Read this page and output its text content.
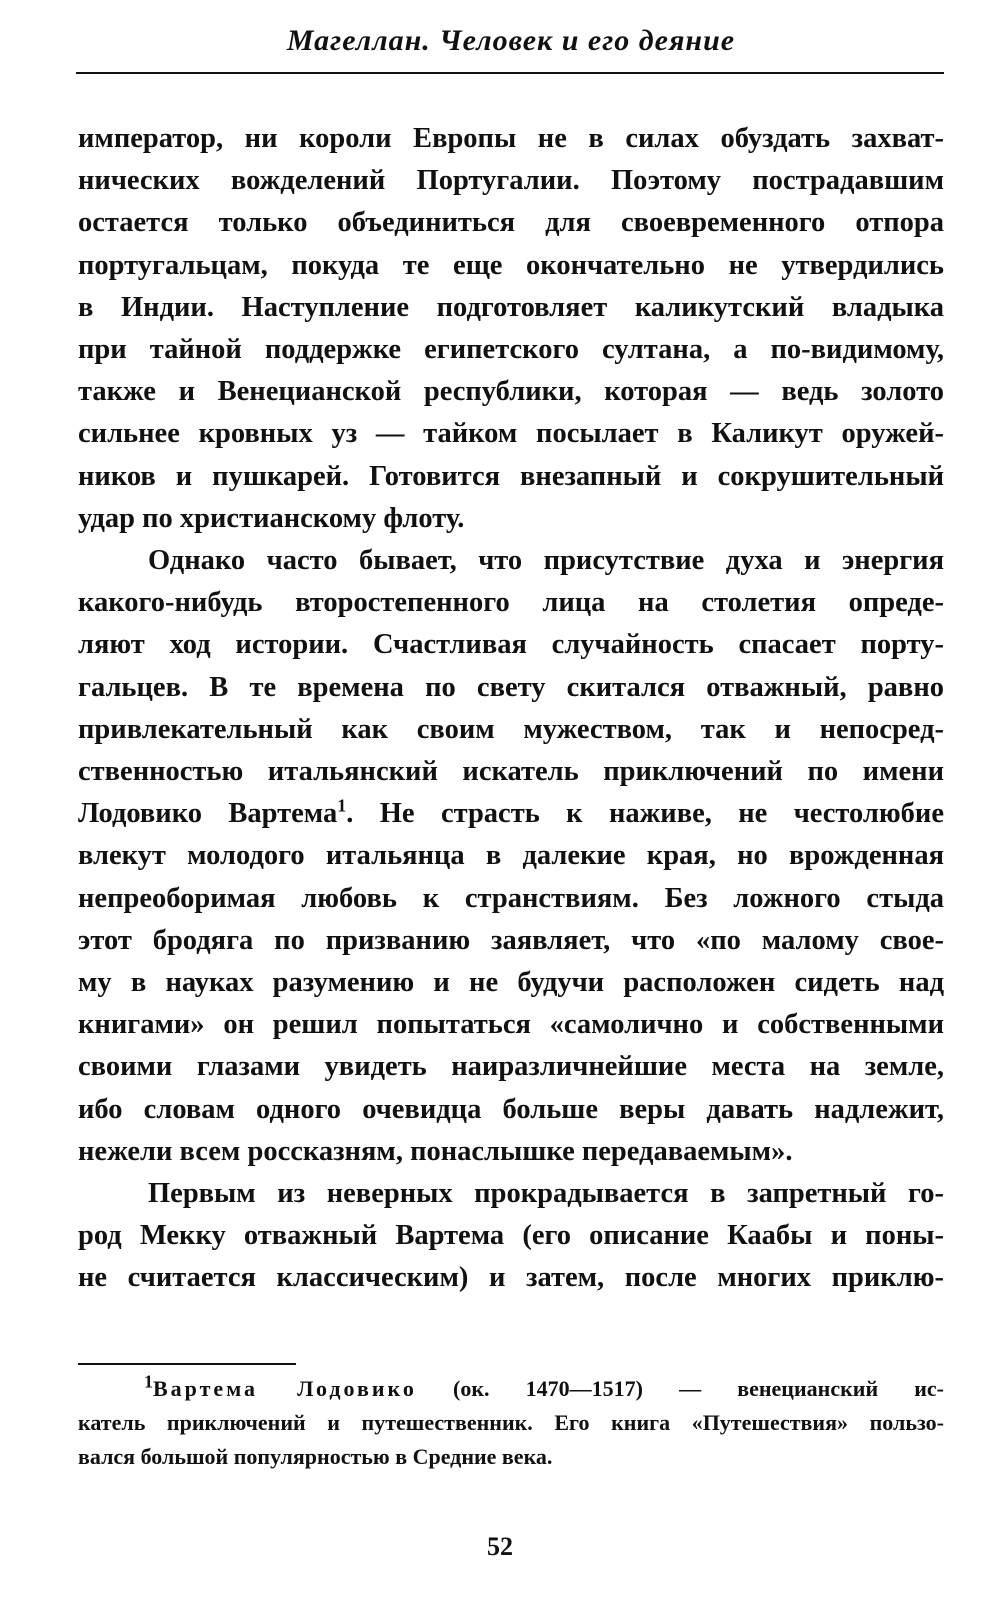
Магеллан. Человек и его деяние

император, ни короли Европы не в силах обуздать захват-

нических вожделений Португалии. Поэтому пострадавшим

остается только объединиться для своевременного отпора

португальцам, покуда те еще окончательно не утвердились

в Индии. Наступление подготовляет каликутский владыка

при тайной поддержке египетского султана, а по-видимому,

также и Венецианской республики, которая — ведь золото

сильнее кровных уз — тайком посылает в Каликут оружей-

ников и пушкарей. Готовится внезапный и сокрушительный

удар по христианскому флоту.

Однако часто бывает, что присутствие духа и энергия

какого-нибудь второстепенного лица на столетия опреде-

ляют ход истории. Счастливая случайность спасает порту-

гальцев. В те времена по свету скитался отважный, равно

привлекательный как своим мужеством, так и непосред-

ственностью итальянский искатель приключений по имени

Лодовико Вартема$^1$. Не страсть к наживе, не честолюбие

влекут молодого итальянца в далекие края, но врожденная

непреоборимая любовь к странствиям. Без ложного стыда

этот бродяга по призванию заявляет, что «по малому свое-

му в науках разумению и не будучи расположен сидеть над

книгами» он решил попытаться «самолично и собственными

своими глазами увидеть наиразличнейшие места на земле,

ибо словам одного очевидца больше веры давать надлежит,

нежели всем россказням, понаслышке передаваемым».

Первым из неверных прокрадывается в запретный го-

род Мекку отважный Вартема (его описание Каабы и поны-

не считается классическим) и затем, после многих приклю-

$^1$Вартема Лодовико (ок. 1470—1517) — венецианский ис-

катель приключений и путешественник. Его книга «Путешествия» пользо-

вался большой популярностью в Средние века.

52
